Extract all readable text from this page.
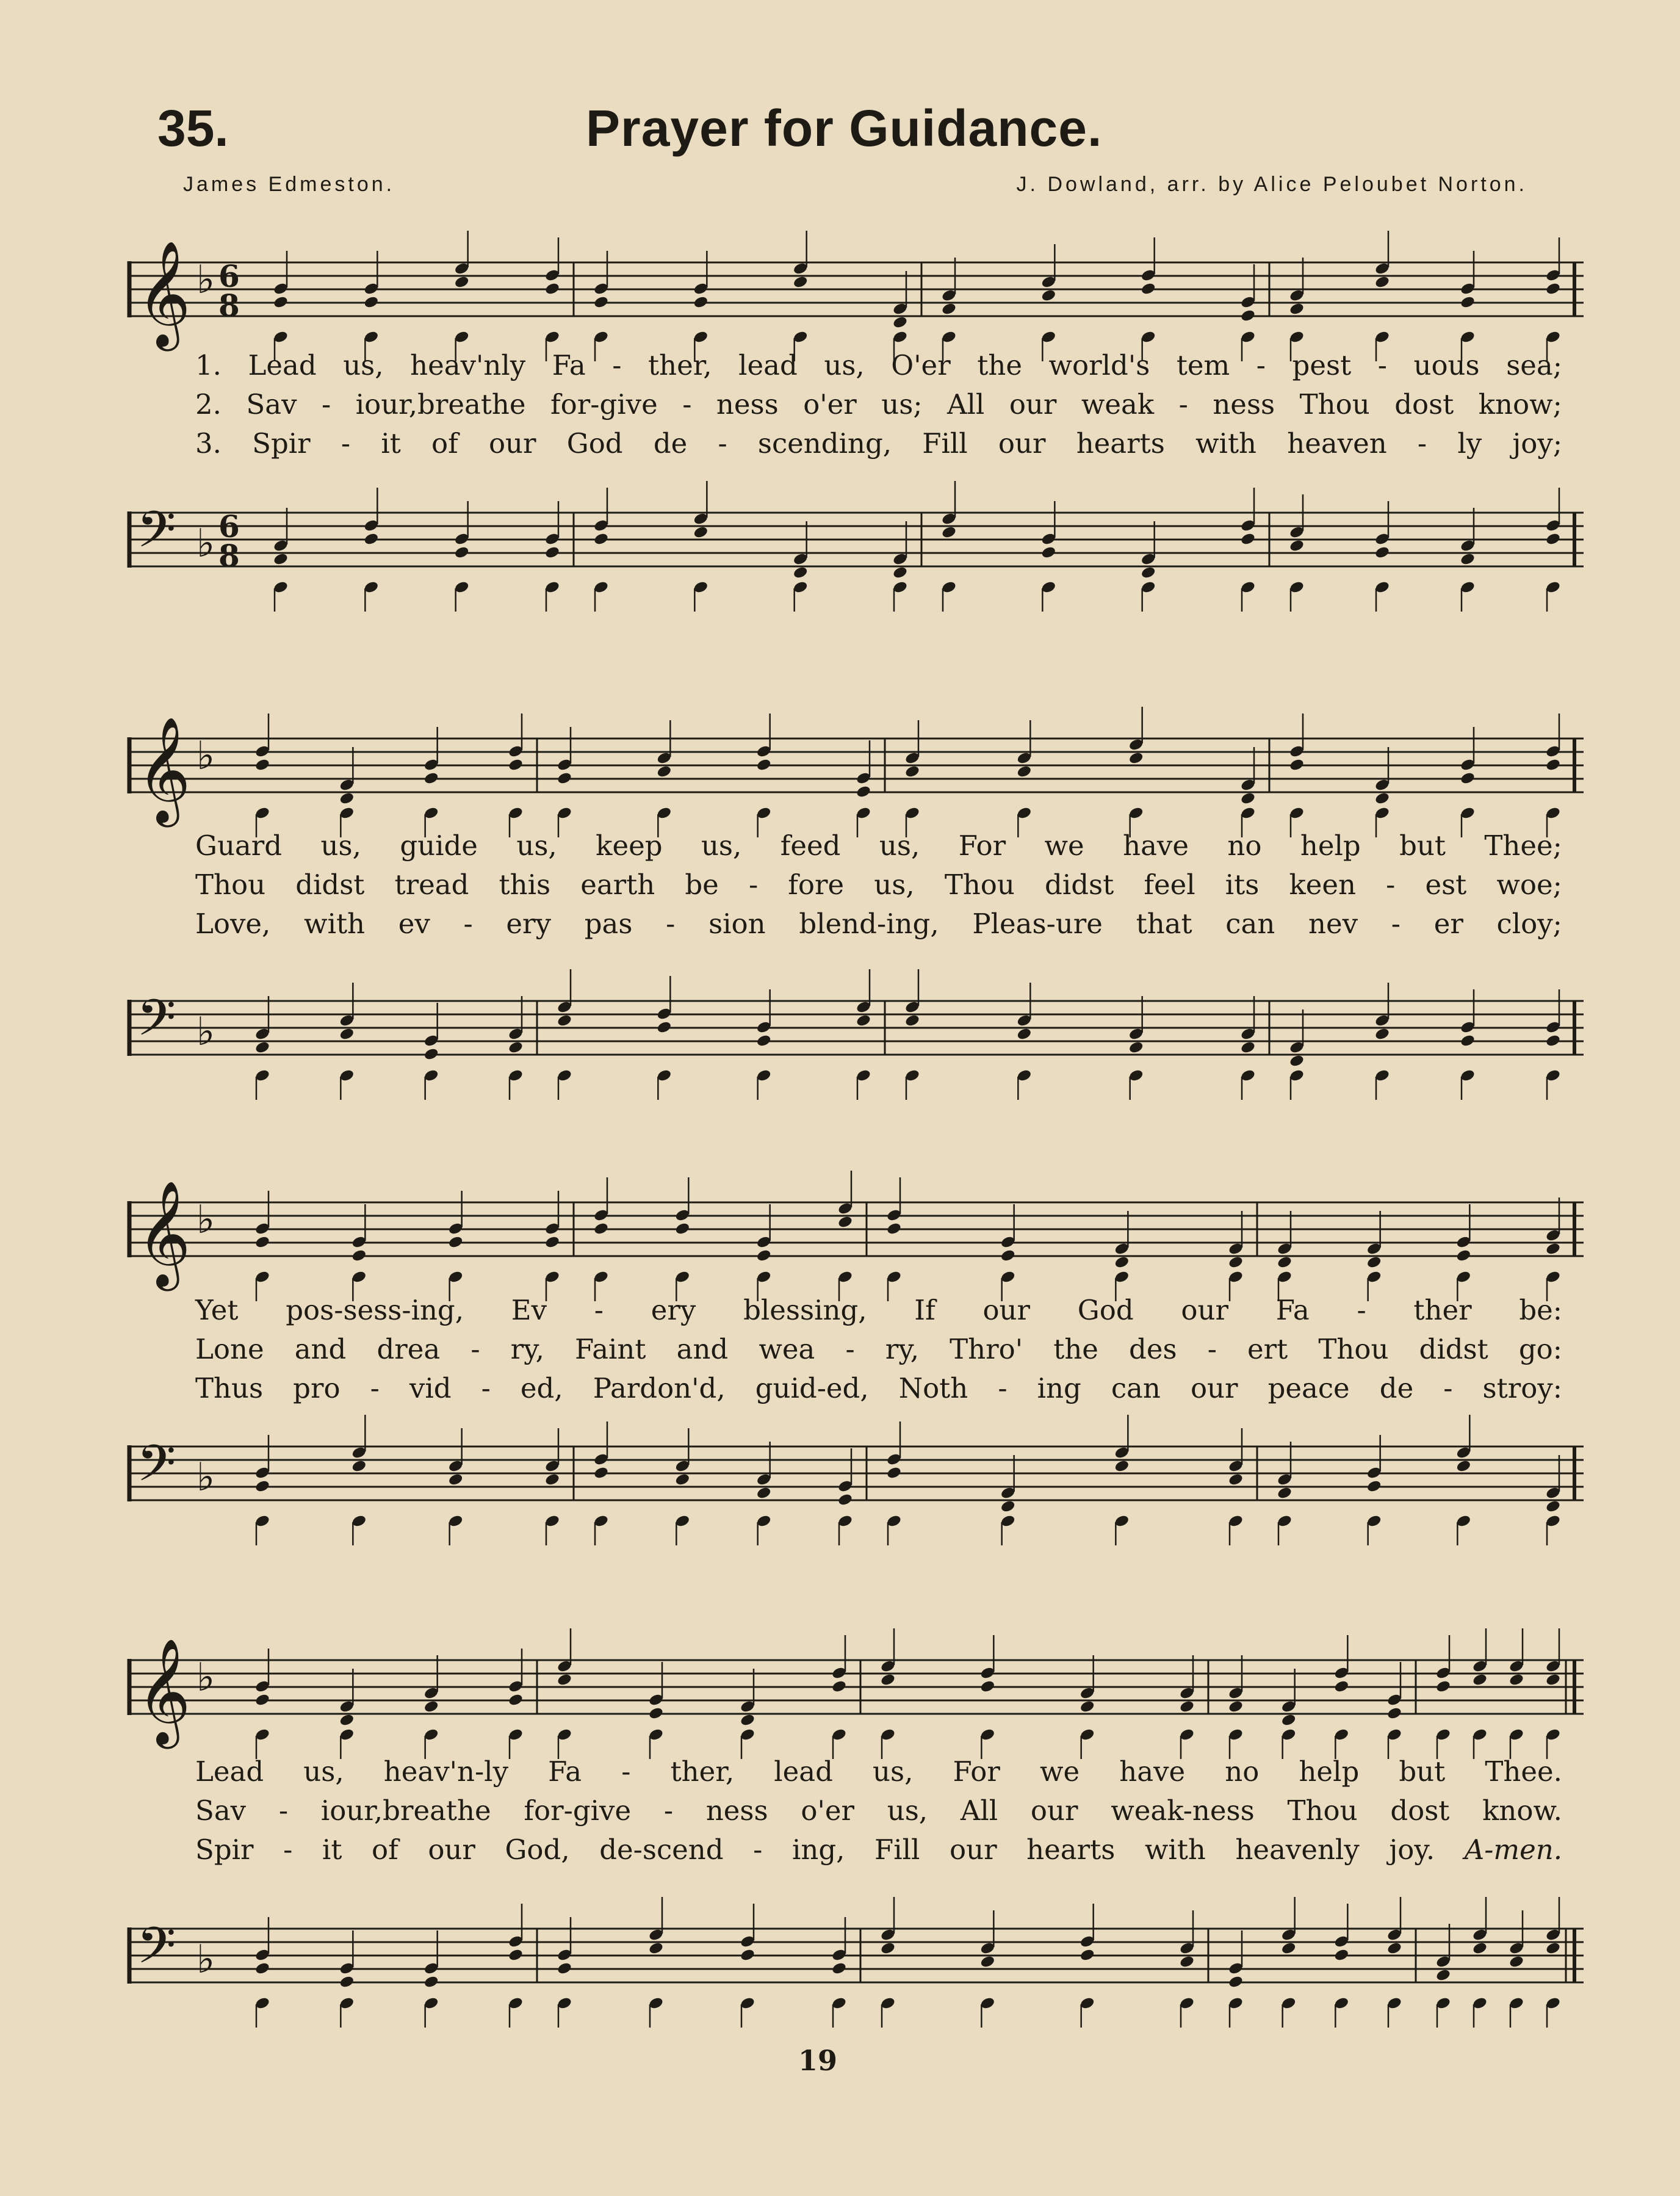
35.	Prayer for Guidance.
James Edmeston.	J. Dowland, arr. by Alice Peloubet Norton.
𝄞 ♭ 6
8
1. Lead us, heav'nly Fa - ther, lead us, O'er the world's tem - pest - uous sea;
2. Sav - iour,breathe for-give - ness o'er us; All our weak - ness Thou dost know;
3. Spir - it of our God de - scending, Fill our hearts with heaven - ly joy;
𝄢 ♭ 6
8
𝄞 ♭
Guard us, guide us, keep us, feed us, For we have no help but Thee;
Thou didst tread this earth be - fore us, Thou didst feel its keen - est woe;
Love, with ev - ery pas - sion blend-ing, Pleas-ure that can nev - er cloy;
𝄢 ♭
𝄞 ♭
Yet pos-sess-ing, Ev - ery blessing, If our God our Fa - ther be:
Lone and drea - ry, Faint and wea - ry, Thro' the des - ert Thou didst go:
Thus pro - vid - ed, Pardon'd, guid-ed, Noth - ing can our peace de - stroy:
𝄢 ♭
𝄞 ♭
Lead us, heav'n-ly Fa - ther, lead us, For we have no help but Thee.
Sav - iour,breathe for-give - ness o'er us, All our weak-ness Thou dost know.
Spir - it of our God, de-scend - ing, Fill our hearts with heavenly joy. A-men.
𝄢 ♭
19
